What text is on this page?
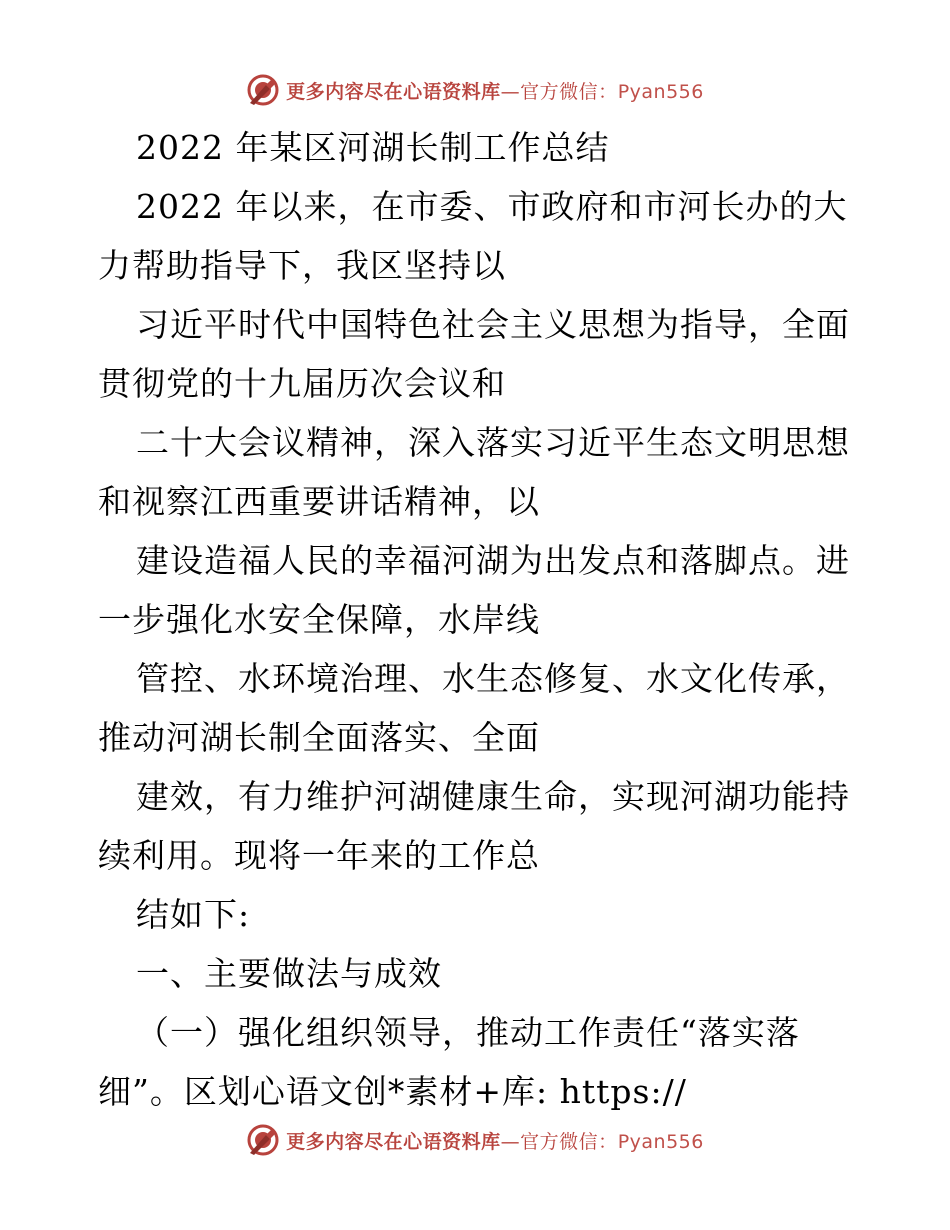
更多内容尽在心语资料库—官方微信：Pyan556
2022 年某区河湖长制工作总结
2022 年以来，在市委、市政府和市河长办的大
力帮助指导下，我区坚持以
习近平时代中国特色社会主义思想为指导，全面
贯彻党的十九届历次会议和
二十大会议精神，深入落实习近平生态文明思想
和视察江西重要讲话精神，以
建设造福人民的幸福河湖为出发点和落脚点。进
一步强化水安全保障，水岸线
管控、水环境治理、水生态修复、水文化传承，
推动河湖长制全面落实、全面
建效，有力维护河湖健康生命，实现河湖功能持
续利用。现将一年来的工作总
结如下:
一、主要做法与成效
（一）强化组织领导，推动工作责任“落实落
细”。区划心语文创*素材+库: https://
更多内容尽在心语资料库—官方微信：Pyan556
